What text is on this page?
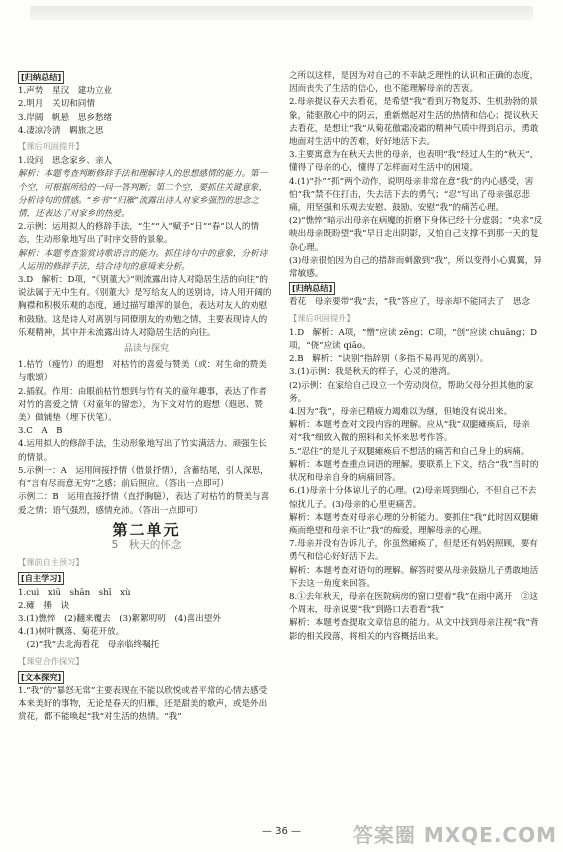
[归纳总结]
1.声势　星汉　建功立业
2.明月　关切和同情
3.岸阔　帆悬　思乡愁绪
4.凄凉冷清　羁旅之思
【课后巩固提升】
1.设问　思念家乡、亲人
解析：本题考查判断修辞手法和理解诗人的思想感情的能力。第一个空，可根据所给的一问一答判断；第二个空，要抓住关键意象，分析诗句的情感。“乡书”“归雁”流露出诗人对家乡强烈的思念之情，还表达了对家乡的热爱。
2.示例：运用拟人的修辞手法，“生”“入”赋予“日”“春”以人的情态，生动形象地写出了时序交替的景象。
解析：本题考查鉴赏诗歌语言的能力。抓住诗句中的意象，分析诗人运用的修辞手法，结合诗句的意境来分析。
3.D　解析：D项，“《别董大》”则流露出诗人对隐居生活的向往”的说法属于无中生有。《别董大》是写给友人的送别诗，诗人用开阔的胸襟和积极乐观的态度，通过描写雄浑的景色，表达对友人的劝慰和鼓励。这是诗人对离别与同僚朋友的劝勉之情，主要表现诗人的乐观精神，其中并未流露出诗人对隐居生活的向往。
品读与探究
1.枯竹（瘦竹）的遐想　对枯竹的喜爱与赞美（或：对生命的赞美与歌颂）
2.插叙。作用：由眼前枯竹想到与竹有关的童年趣事，表达了作者对竹的喜爱之情（对童年的留恋），为下文对竹的遐想（遐思、赞美）做铺垫（埋下伏笔）。
3.C　A　B
4.运用拟人的修辞手法，生动形象地写出了竹实满活力、顽强生长的情景。
5.示例一：A　运用间接抒情（借景抒情），含蓄结尾，引人深思，有“言有尽而意无穷”之感；前后照应。（答出一点即可）
示例二：B　运用直接抒情（直抒胸臆），表达了对枯竹的赞美与喜爱之情；语气强烈，感情充沛。（答出一点即可）
第二单元
5　秋天的怀念
【课前自主预习】
[自主学习]
1.cuì　xiū　shān　shī　xù
2.瘫　捶　诀
3.(1)憔悴　(2)翻来覆去　(3)絮絮叨叨　(4)喜出望外
4.(1)树叶飘落、菊花开放。
　(2)“我”去北海看花　母亲临终嘱托
【课堂合作探究】
[文本探究]
1.“我”的“暴怒无常”主要表现在不能以欣悦或者平常的心情去感受本来美好的事物，无论是春天的归雁，还是甜美的歌声，或是外出赏花，都不能唤起“我”对生活的热情。“我”
之所以这样，是因为对自己的不幸缺乏理性的认识和正确的态度，因而丧失了生活的信心，也不能理解母亲的苦衷。
2.母亲提议春天去看花，是希望“我”看到万物复苏、生机勃勃的景象，能驱散心中的阴云，重新燃起对生活的热情和信心；提议秋天去看花，是想让“我”从菊花傲霜凌霜的精神气质中得到启示，勇敢地面对生活中的苦难，好好地活下去。
3.主要寓意为在秋天去世的母亲，也表明“我”经过人生的“秋天”，懂得了母亲的心，懂得了怎样面对生活中的困境。
4.(1)“扑”“抓”两个动作，说明母亲非常在意“我”的内心感受，害怕“我”禁不住打击，失去活下去的勇气；“忍”写出了母亲强忍悲痛，用坚强和乐观去安慰、鼓励、安慰“我”的痛苦心理。
(2)“憔悴”暗示出母亲在病魔的折磨下身体已经十分虚弱；“央求”反映出母亲既盼望“我”早日走出阴影，又怕自己支撑不到那一天的复杂心理。
(3)母亲很怕因为自己的措辞而刺激到“我”，所以变得小心翼翼，异常敏感。
[归纳总结]
看花　母亲要带“我”去，“我”答应了，母亲却不能同去了　思念
【课后巩固提升】
1.D　解析：A项，“憎”应读 zēng；C项，“创”应读 chuāng；D项，“侥”应读 qiāo。
2.B　解析：“诀别”指辞别（多指不易再见的离别）。
3.(1)示例：我是秋天的样子，心灵的港湾。
(2)示例：在家给自己设立一个劳动岗位，帮助父母分担其他的家务。
4.因为“我”，母亲已精疲力竭难以为继，但她没有说出来。
解析：本题考查对文段内容的理解。应从“我”双腿瘫痪后，母亲对“我”细致入微的照料和关怀来思考作答。
5.“忍住”的是儿子双腿瘫痪后不想活的痛苦和自己身上的病痛。
解析：本题考查重点词语的理解。要联系上下文，结合“我”当时的状况和母亲自身的病痛回答。
6.(1)母亲十分体谅儿子的心理。(2)母亲周到细心，不但自己不去惊扰儿子。(3)母亲的心里更痛苦。
解析：本题考查对母亲心理的分析能力。要抓住“我”此时因双腿瘫痪而绝望和母亲不让“我”的痴爱，理解母亲的心理。
7.母亲并没有告诉儿子，你虽然瘫痪了，但是还有妈妈照顾，要有勇气和信心好好活下去。
解析：本题考查对语句的理解。解答时要从母亲鼓励儿子勇敢地活下去这一角度来回答。
8.①去年秋天，母亲在医院病房的窗口望着“我”在雨中离开　②这个周末，母亲说要“我”到路口去看看“我”
解析：本题考查提取文章信息的能力。从文中找到母亲注视“我”背影的相关段落，将相关的内容概括出来。
— 36 —	答案圈 MXQE.COM
